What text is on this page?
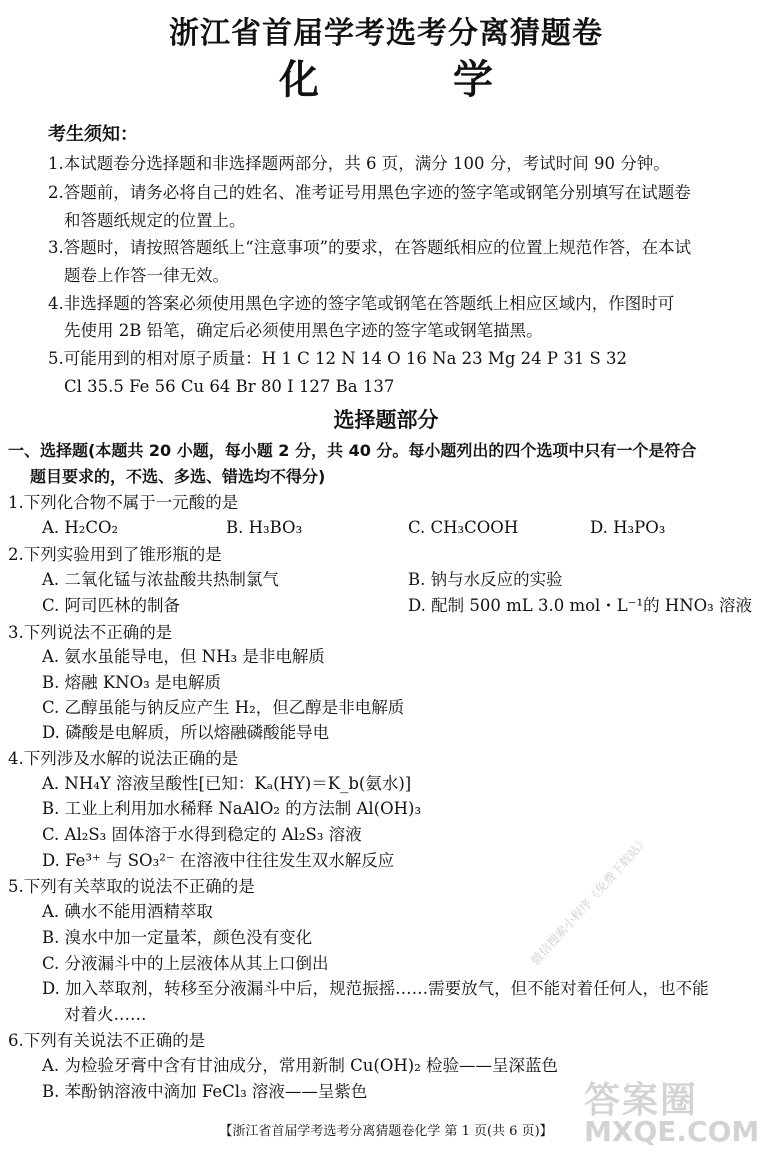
浙江省首届学考选考分离猜题卷
化 学
考生须知：
1.本试题卷分选择题和非选择题两部分，共 6 页，满分 100 分，考试时间 90 分钟。
2.答题前，请务必将自己的姓名、准考证号用黑色字迹的签字笔或钢笔分别填写在试题卷
和答题纸规定的位置上。
3.答题时，请按照答题纸上“注意事项”的要求，在答题纸相应的位置上规范作答，在本试
题卷上作答一律无效。
4.非选择题的答案必须使用黑色字迹的签字笔或钢笔在答题纸上相应区域内，作图时可
先使用 2B 铅笔，确定后必须使用黑色字迹的签字笔或钢笔描黑。
5.可能用到的相对原子质量：H 1 C 12 N 14 O 16 Na 23 Mg 24 P 31 S 32
Cl 35.5 Fe 56 Cu 64 Br 80 I 127 Ba 137
选择题部分
一、选择题(本题共 20 小题，每小题 2 分，共 40 分。每小题列出的四个选项中只有一个是符合
题目要求的，不选、多选、错选均不得分)
1.下列化合物不属于一元酸的是
A. H₂CO₂	B. H₃BO₃	C. CH₃COOH	D. H₃PO₃
2.下列实验用到了锥形瓶的是
A. 二氧化锰与浓盐酸共热制氯气	B. 钠与水反应的实验
C. 阿司匹林的制备	D. 配制 500 mL 3.0 mol・L⁻¹的 HNO₃ 溶液
3.下列说法不正确的是
A. 氨水虽能导电，但 NH₃ 是非电解质
B. 熔融 KNO₃ 是电解质
C. 乙醇虽能与钠反应产生 H₂，但乙醇是非电解质
D. 磷酸是电解质，所以熔融磷酸能导电
4.下列涉及水解的说法正确的是
A. NH₄Y 溶液呈酸性[已知：Kₐ(HY)＝K_b(氨水)]
B. 工业上利用加水稀释 NaAlO₂ 的方法制 Al(OH)₃
C. Al₂S₃ 固体溶于水得到稳定的 Al₂S₃ 溶液
D. Fe³⁺ 与 SO₃²⁻ 在溶液中往往发生双水解反应
5.下列有关萃取的说法不正确的是
A. 碘水不能用酒精萃取
B. 溴水中加一定量苯，颜色没有变化
C. 分液漏斗中的上层液体从其上口倒出
D. 加入萃取剂，转移至分液漏斗中后，规范振摇……需要放气，但不能对着任何人，也不能
对着火……
6.下列有关说法不正确的是
A. 为检验牙膏中含有甘油成分，常用新制 Cu(OH)₂ 检验——呈深蓝色
B. 苯酚钠溶液中滴加 FeCl₃ 溶液——呈紫色
【浙江省首届学考选考分离猜题卷化学 第 1 页(共 6 页)】
微信搜索小程序《免费下载站》
答案圈
MXQE.COM
